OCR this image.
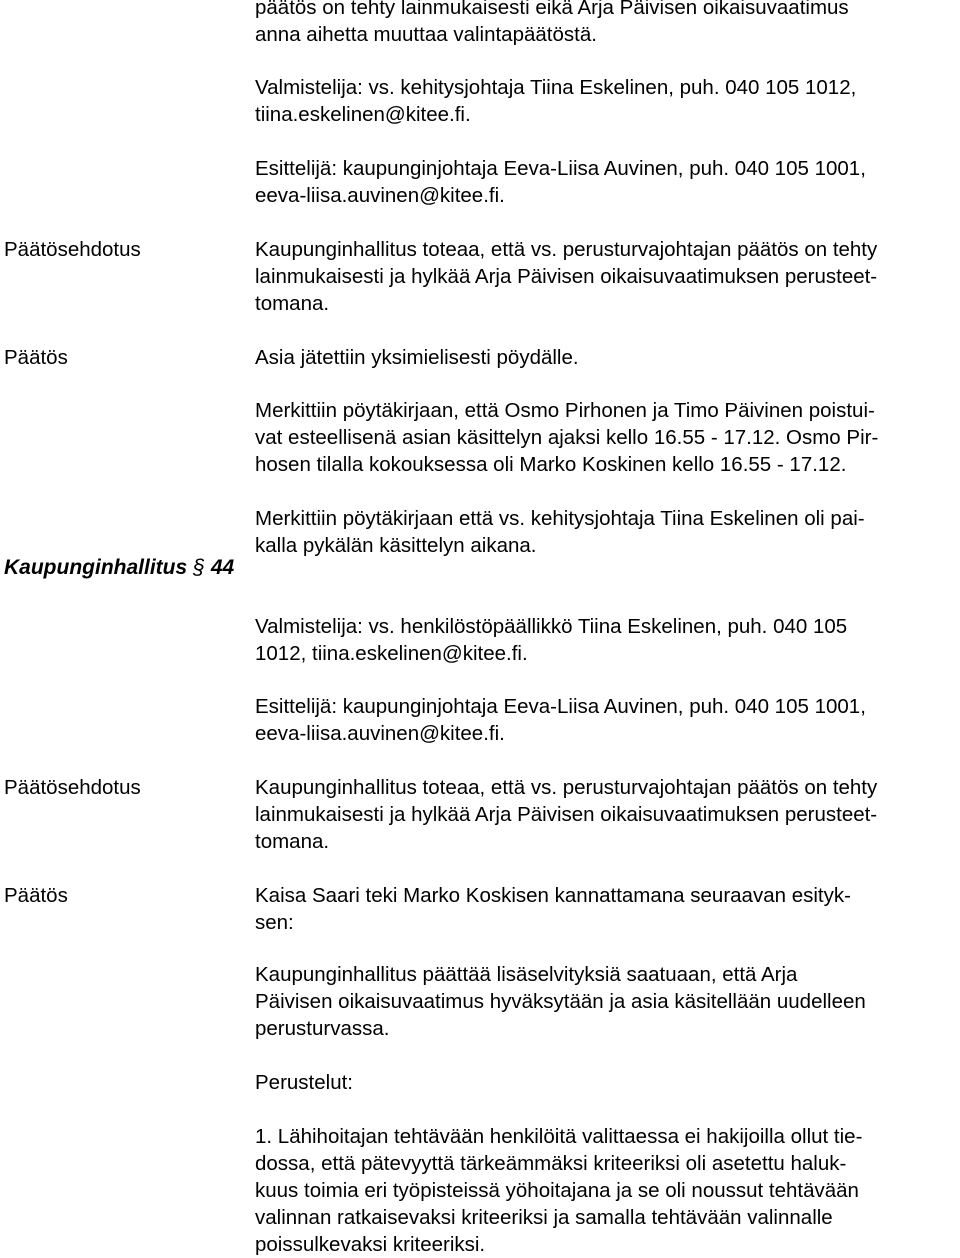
päätös on tehty lainmukaisesti eikä Arja Päivisen oikaisuvaatimus
anna aihetta muuttaa valintapäätöstä.
Valmistelija: vs. kehitysjohtaja Tiina Eskelinen, puh. 040 105 1012,
tiina.eskelinen@kitee.fi.
Esittelijä: kaupunginjohtaja Eeva-Liisa Auvinen, puh. 040 105 1001,
eeva-liisa.auvinen@kitee.fi.
Päätösehdotus	Kaupunginhallitus toteaa, että vs. perusturvajohtajan päätös on tehty
lainmukaisesti ja hylkää Arja Päivisen oikaisuvaatimuksen perusteet-
tomana.
Päätös	Asia jätettiin yksimielisesti pöydälle.
Merkittiin pöytäkirjaan, että Osmo Pirhonen ja Timo Päivinen poistui-
vat esteellisenä asian käsittelyn ajaksi kello 16.55 - 17.12. Osmo Pir-
hosen tilalla kokouksessa oli Marko Koskinen kello 16.55 - 17.12.
Merkittiin pöytäkirjaan että vs. kehitysjohtaja Tiina Eskelinen oli pai-
kalla pykälän käsittelyn aikana.
Kaupunginhallitus § 44
Valmistelija: vs. henkilöstöpäällikkö Tiina Eskelinen, puh. 040 105
1012, tiina.eskelinen@kitee.fi.
Esittelijä: kaupunginjohtaja Eeva-Liisa Auvinen, puh. 040 105 1001,
eeva-liisa.auvinen@kitee.fi.
Päätösehdotus	Kaupunginhallitus toteaa, että vs. perusturvajohtajan päätös on tehty
lainmukaisesti ja hylkää Arja Päivisen oikaisuvaatimuksen perusteet-
tomana.
Päätös	Kaisa Saari teki Marko Koskisen kannattamana seuraavan esityk-
sen:
Kaupunginhallitus päättää lisäselvityksiä saatuaan, että Arja
Päivisen oikaisuvaatimus hyväksytään ja asia käsitellään uudelleen
perusturvassa.
Perustelut:
1. Lähihoitajan tehtävään henkilöitä valittaessa ei hakijoilla ollut tie-
dossa, että pätevyyttä tärkeämmäksi kriteeriksi oli asetettu haluk-
kuus toimia eri työpisteissä yöhoitajana ja se oli noussut tehtävään
valinnan ratkaisevaksi kriteeriksi ja samalla tehtävään valinnalle
poissulkevaksi kriteeriksi.
